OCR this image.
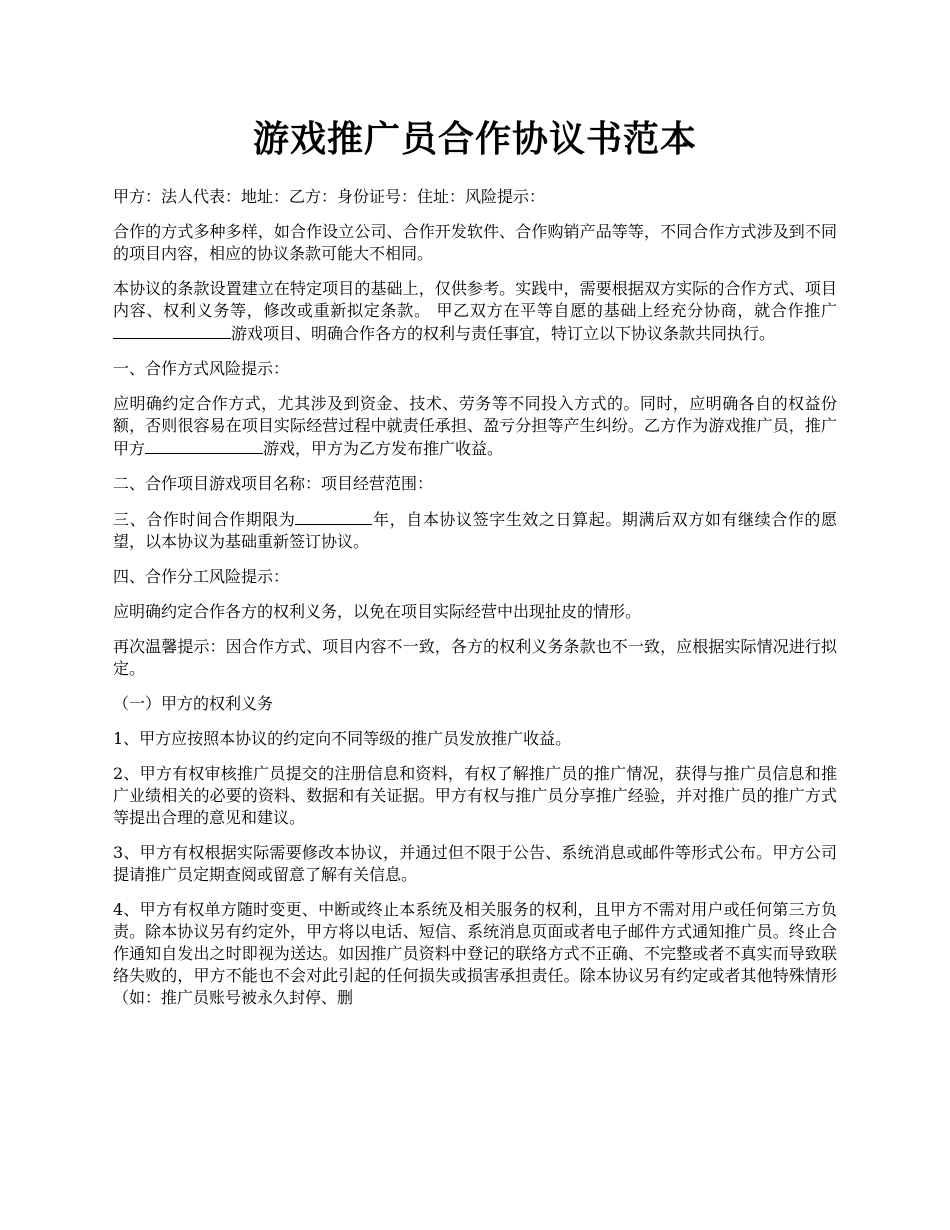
游戏推广员合作协议书范本

甲方：法人代表：地址：乙方：身份证号：住址：风险提示：

合作的方式多种多样，如合作设立公司、合作开发软件、合作购销产品等等，不同合作方式涉及到不同的项目内容，相应的协议条款可能大不相同。

本协议的条款设置建立在特定项目的基础上，仅供参考。实践中，需要根据双方实际的合作方式、项目内容、权利义务等，修改或重新拟定条款。 甲乙双方在平等自愿的基础上经充分协商，就合作推广游戏项目、明确合作各方的权利与责任事宜，特订立以下协议条款共同执行。

一、合作方式风险提示：

应明确约定合作方式，尤其涉及到资金、技术、劳务等不同投入方式的。同时，应明确各自的权益份额，否则很容易在项目实际经营过程中就责任承担、盈亏分担等产生纠纷。乙方作为游戏推广员，推广甲方	游戏，甲方为乙方发布推广收益。

二、合作项目游戏项目名称：项目经营范围：

三、合作时间合作期限为	年，自本协议签字生效之日算起。期满后双方如有继续合作的愿望，以本协议为基础重新签订协议。

四、合作分工风险提示：

应明确约定合作各方的权利义务，以免在项目实际经营中出现扯皮的情形。

再次温馨提示：因合作方式、项目内容不一致，各方的权利义务条款也不一致，应根据实际情况进行拟定。

（一）甲方的权利义务

1、甲方应按照本协议的约定向不同等级的推广员发放推广收益。

2、甲方有权审核推广员提交的注册信息和资料，有权了解推广员的推广情况，获得与推广员信息和推广业绩相关的必要的资料、数据和有关证据。甲方有权与推广员分享推广经验，并对推广员的推广方式等提出合理的意见和建议。

3、甲方有权根据实际需要修改本协议，并通过但不限于公告、系统消息或邮件等形式公布。甲方公司提请推广员定期查阅或留意了解有关信息。

4、甲方有权单方随时变更、中断或终止本系统及相关服务的权利，且甲方不需对用户或任何第三方负责。除本协议另有约定外，甲方将以电话、短信、系统消息页面或者电子邮件方式通知推广员。终止合作通知自发出之时即视为送达。如因推广员资料中登记的联络方式不正确、不完整或者不真实而导致联络失败的，甲方不能也不会对此引起的任何损失或损害承担责任。除本协议另有约定或者其他特殊情形（如：推广员账号被永久封停、删
